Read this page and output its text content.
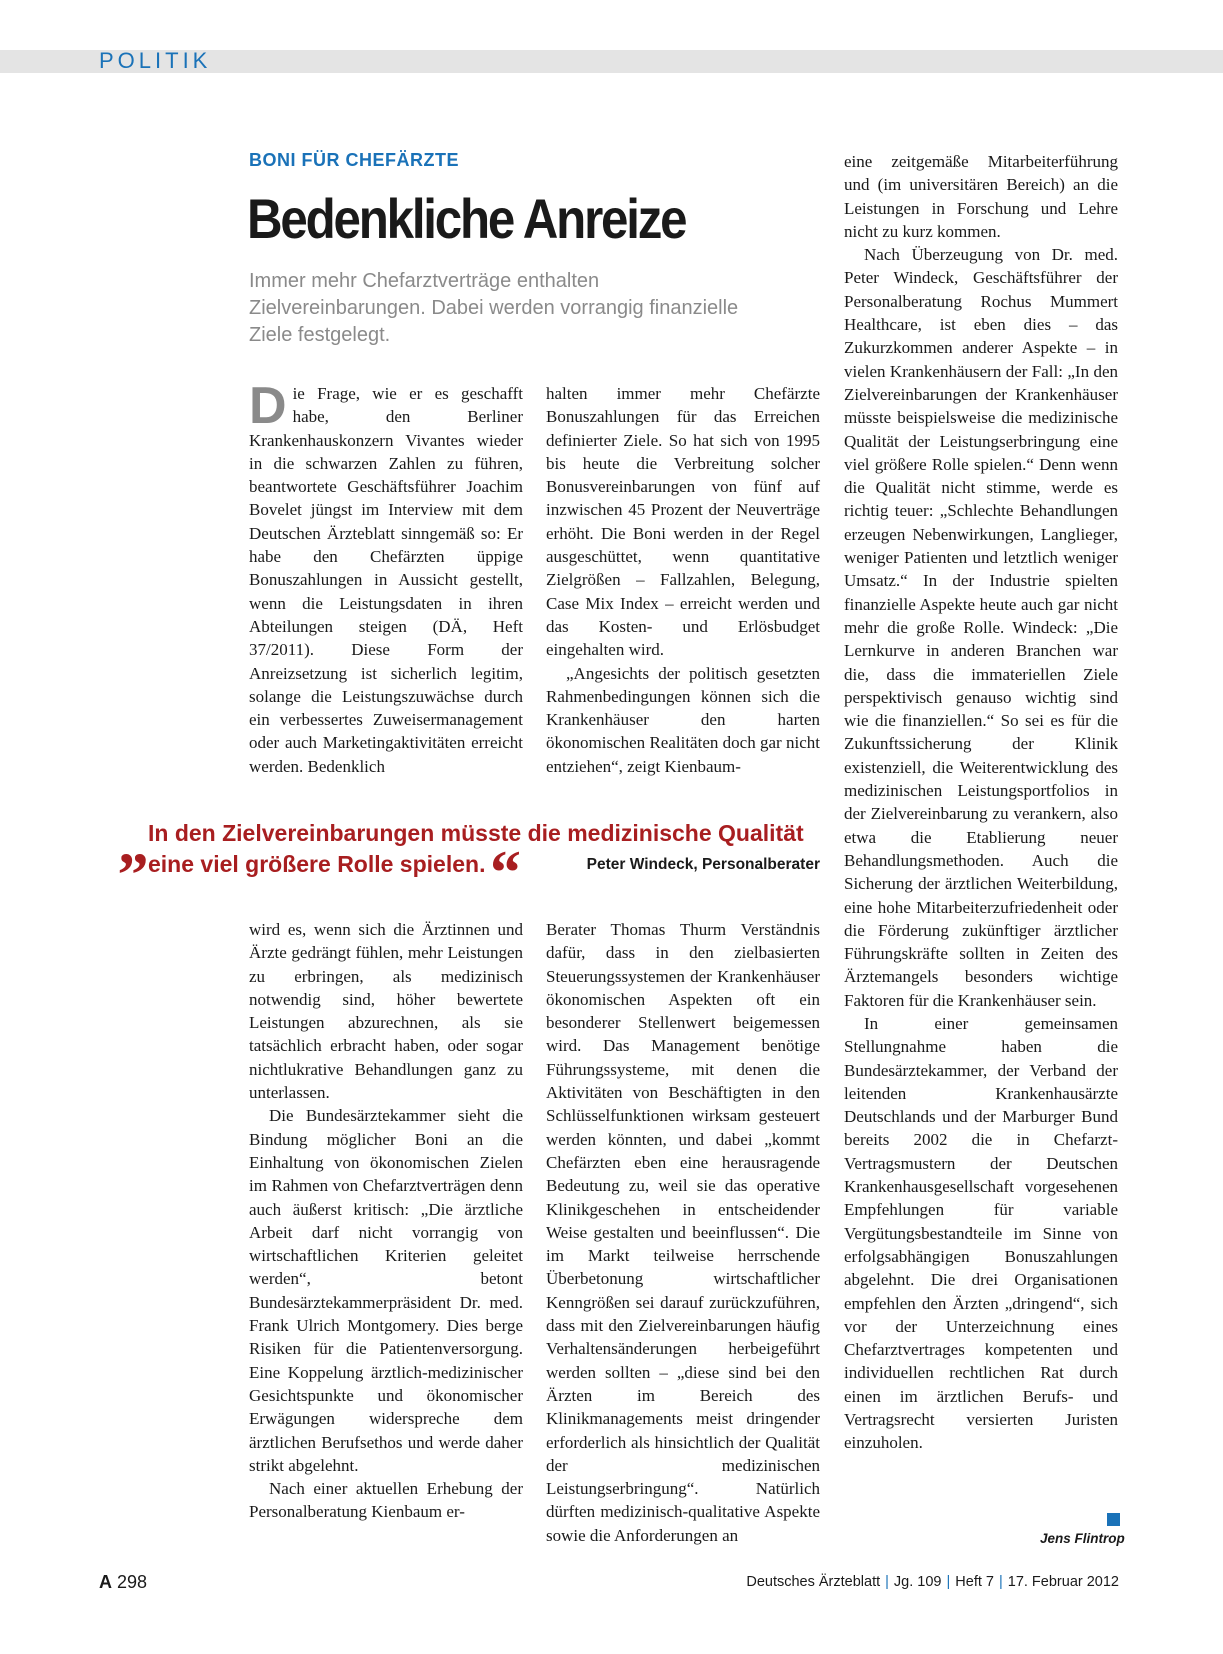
POLITIK
BONI FÜR CHEFÄRZTE
Bedenkliche Anreize
Immer mehr Chefarztverträge enthalten Zielvereinbarungen. Dabei werden vorrangig finanzielle Ziele festgelegt.

Die Frage, wie er es geschafft habe, den Berliner Krankenhauskonzern Vivantes wieder in die schwarzen Zahlen zu führen, beantwortete Geschäftsführer Joachim Bovelet jüngst im Interview mit dem Deutschen Ärzteblatt sinngemäß so: Er habe den Chefärzten üppige Bonuszahlungen in Aussicht gestellt, wenn die Leistungsdaten in ihren Abteilungen steigen (DÄ, Heft 37/2011). Diese Form der Anreizsetzung ist sicherlich legitim, solange die Leistungszuwächse durch ein verbessertes Zuweisermanagement oder auch Marketingaktivitäten erreicht werden. Bedenklich

halten immer mehr Chefärzte Bonuszahlungen für das Erreichen definierter Ziele. So hat sich von 1995 bis heute die Verbreitung solcher Bonusvereinbarungen von fünf auf inzwischen 45 Prozent der Neuverträge erhöht. Die Boni werden in der Regel ausgeschüttet, wenn quantitative Zielgrößen – Fallzahlen, Belegung, Case Mix Index – erreicht werden und das Kosten- und Erlösbudget eingehalten wird.

„Angesichts der politisch gesetzten Rahmenbedingungen können sich die Krankenhäuser den harten ökonomischen Realitäten doch gar nicht entziehen“, zeigt Kienbaum-

„ In den Zielvereinbarungen müsste die medizinische Qualität
eine viel größere Rolle spielen. “	Peter Windeck, Personalberater

wird es, wenn sich die Ärztinnen und Ärzte gedrängt fühlen, mehr Leistungen zu erbringen, als medizinisch notwendig sind, höher bewertete Leistungen abzurechnen, als sie tatsächlich erbracht haben, oder sogar nichtlukrative Behandlungen ganz zu unterlassen.

Die Bundesärztekammer sieht die Bindung möglicher Boni an die Einhaltung von ökonomischen Zielen im Rahmen von Chefarztverträgen denn auch äußerst kritisch: „Die ärztliche Arbeit darf nicht vorrangig von wirtschaftlichen Kriterien geleitet werden“, betont Bundesärztekammerpräsident Dr. med. Frank Ulrich Montgomery. Dies berge Risiken für die Patientenversorgung. Eine Koppelung ärztlich-medizinischer Gesichtspunkte und ökonomischer Erwägungen widerspreche dem ärztlichen Berufsethos und werde daher strikt abgelehnt.

Nach einer aktuellen Erhebung der Personalberatung Kienbaum er-

Berater Thomas Thurm Verständnis dafür, dass in den zielbasierten Steuerungssystemen der Krankenhäuser ökonomischen Aspekten oft ein besonderer Stellenwert beigemessen wird. Das Management benötige Führungssysteme, mit denen die Aktivitäten von Beschäftigten in den Schlüsselfunktionen wirksam gesteuert werden könnten, und dabei „kommt Chefärzten eben eine herausragende Bedeutung zu, weil sie das operative Klinikgeschehen in entscheidender Weise gestalten und beeinflussen“. Die im Markt teilweise herrschende Überbetonung wirtschaftlicher Kenngrößen sei darauf zurückzuführen, dass mit den Zielvereinbarungen häufig Verhaltensänderungen herbeigeführt werden sollten – „diese sind bei den Ärzten im Bereich des Klinikmanagements meist dringender erforderlich als hinsichtlich der Qualität der medizinischen Leistungserbringung“. Natürlich dürften medizinisch-qualitative Aspekte sowie die Anforderungen an

eine zeitgemäße Mitarbeiterführung und (im universitären Bereich) an die Leistungen in Forschung und Lehre nicht zu kurz kommen.

Nach Überzeugung von Dr. med. Peter Windeck, Geschäftsführer der Personalberatung Rochus Mummert Healthcare, ist eben dies – das Zukurzkommen anderer Aspekte – in vielen Krankenhäusern der Fall: „In den Zielvereinbarungen der Krankenhäuser müsste beispielsweise die medizinische Qualität der Leistungserbringung eine viel größere Rolle spielen.“ Denn wenn die Qualität nicht stimme, werde es richtig teuer: „Schlechte Behandlungen erzeugen Nebenwirkungen, Langlieger, weniger Patienten und letztlich weniger Umsatz.“ In der Industrie spielten finanzielle Aspekte heute auch gar nicht mehr die große Rolle. Windeck: „Die Lernkurve in anderen Branchen war die, dass die immateriellen Ziele perspektivisch genauso wichtig sind wie die finanziellen.“ So sei es für die Zukunftssicherung der Klinik existenziell, die Weiterentwicklung des medizinischen Leistungsportfolios in der Zielvereinbarung zu verankern, also etwa die Etablierung neuer Behandlungsmethoden. Auch die Sicherung der ärztlichen Weiterbildung, eine hohe Mitarbeiterzufriedenheit oder die Förderung zukünftiger ärztlicher Führungskräfte sollten in Zeiten des Ärztemangels besonders wichtige Faktoren für die Krankenhäuser sein.

In einer gemeinsamen Stellungnahme haben die Bundesärztekammer, der Verband der leitenden Krankenhausärzte Deutschlands und der Marburger Bund bereits 2002 die in Chefarzt-Vertragsmustern der Deutschen Krankenhausgesellschaft vorgesehenen Empfehlungen für variable Vergütungsbestandteile im Sinne von erfolgsabhängigen Bonuszahlungen abgelehnt. Die drei Organisationen empfehlen den Ärzten „dringend“, sich vor der Unterzeichnung eines Chefarztvertrages kompetenten und individuellen rechtlichen Rat durch einen im ärztlichen Berufs- und Vertragsrecht versierten Juristen einzuholen.

Jens Flintrop
A 298	Deutsches Ärzteblatt | Jg. 109 | Heft 7 | 17. Februar 2012
